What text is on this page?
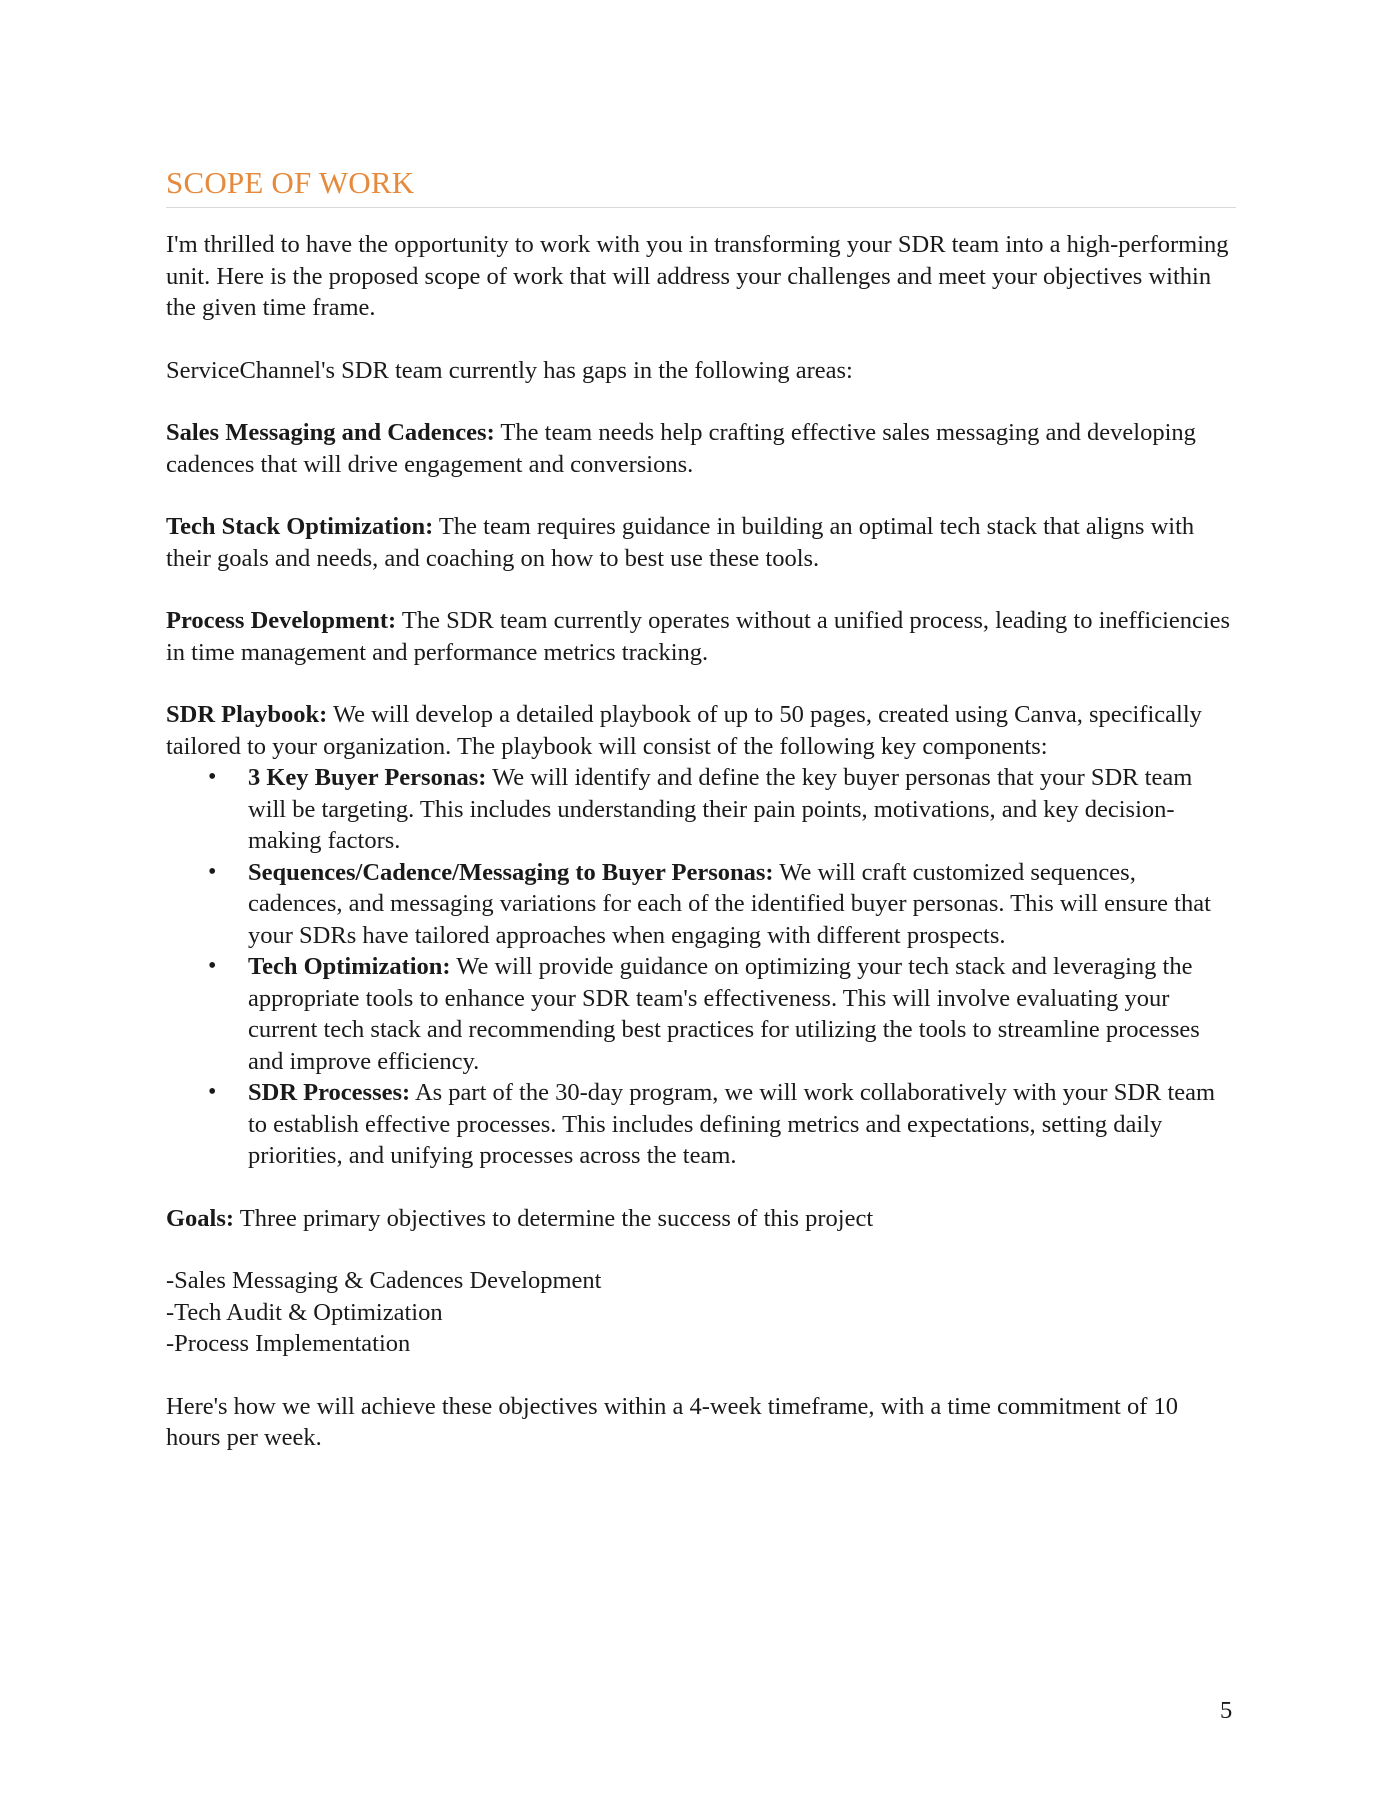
SCOPE OF WORK

I'm thrilled to have the opportunity to work with you in transforming your SDR team into a high-performing unit. Here is the proposed scope of work that will address your challenges and meet your objectives within the given time frame.

ServiceChannel's SDR team currently has gaps in the following areas:

Sales Messaging and Cadences: The team needs help crafting effective sales messaging and developing cadences that will drive engagement and conversions.

Tech Stack Optimization: The team requires guidance in building an optimal tech stack that aligns with their goals and needs, and coaching on how to best use these tools.

Process Development: The SDR team currently operates without a unified process, leading to inefficiencies in time management and performance metrics tracking.

SDR Playbook: We will develop a detailed playbook of up to 50 pages, created using Canva, specifically tailored to your organization. The playbook will consist of the following key components:

• 3 Key Buyer Personas: We will identify and define the key buyer personas that your SDR team will be targeting. This includes understanding their pain points, motivations, and key decision-making factors.
• Sequences/Cadence/Messaging to Buyer Personas: We will craft customized sequences, cadences, and messaging variations for each of the identified buyer personas. This will ensure that your SDRs have tailored approaches when engaging with different prospects.
• Tech Optimization: We will provide guidance on optimizing your tech stack and leveraging the appropriate tools to enhance your SDR team's effectiveness. This will involve evaluating your current tech stack and recommending best practices for utilizing the tools to streamline processes and improve efficiency.
• SDR Processes: As part of the 30-day program, we will work collaboratively with your SDR team to establish effective processes. This includes defining metrics and expectations, setting daily priorities, and unifying processes across the team.

Goals: Three primary objectives to determine the success of this project

-Sales Messaging & Cadences Development

-Tech Audit & Optimization

-Process Implementation

Here's how we will achieve these objectives within a 4-week timeframe, with a time commitment of 10 hours per week.

5
